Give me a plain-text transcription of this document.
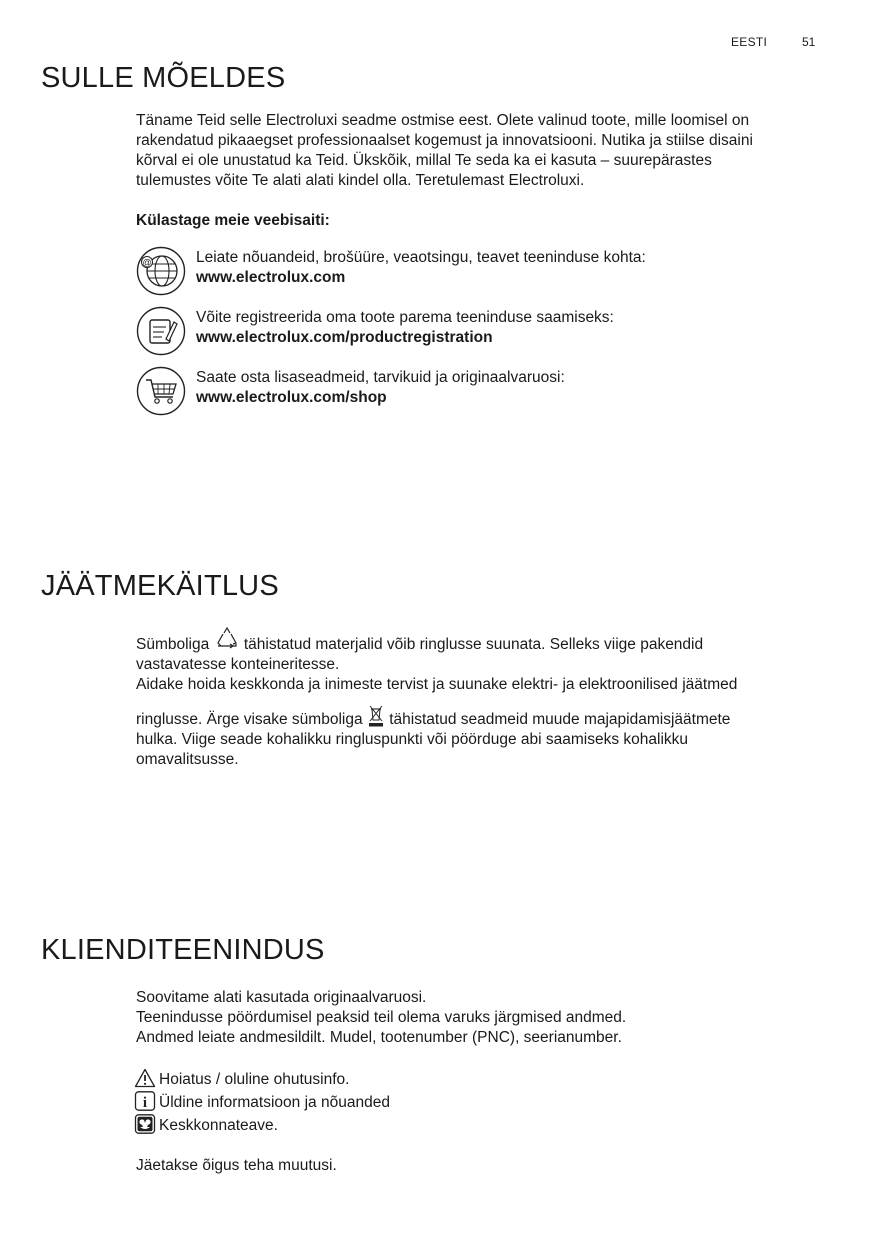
EESTI	51
SULLE MÕELDES
Täname Teid selle Electroluxi seadme ostmise eest. Olete valinud toote, mille loomisel on
rakendatud pikaaegset professionaalset kogemust ja innovatsiooni. Nutika ja stiilse disaini
kõrval ei ole unustatud ka Teid. Ükskõik, millal Te seda ka ei kasuta – suurepärastes
tulemustes võite Te alati alati kindel olla. Teretulemast Electroluxi.
Külastage meie veebisaiti:
@	Leiate nõuandeid, brošüüre, veaotsingu, teavet teeninduse kohta:
www.electrolux.com
Võite registreerida oma toote parema teeninduse saamiseks:
www.electrolux.com/productregistration
Saate osta lisaseadmeid, tarvikuid ja originaalvaruosi:
www.electrolux.com/shop
JÄÄTMEKÄITLUS
Sümboliga tähistatud materjalid võib ringlusse suunata. Selleks viige pakendid
vastavatesse konteineritesse.
Aidake hoida keskkonda ja inimeste tervist ja suunake elektri- ja elektroonilised jäätmed
ringlusse. Ärge visake sümboliga tähistatud seadmeid muude majapidamisjäätmete
hulka. Viige seade kohalikku ringluspunkti või pöörduge abi saamiseks kohalikku
omavalitsusse.
KLIENDITEENINDUS
Soovitame alati kasutada originaalvaruosi.
Teenindusse pöördumisel peaksid teil olema varuks järgmised andmed.
Andmed leiate andmesildilt. Mudel, tootenumber (PNC), seerianumber.
Hoiatus / oluline ohutusinfo.
i Üldine informatsioon ja nõuanded
Keskkonnateave.
Jäetakse õigus teha muutusi.
